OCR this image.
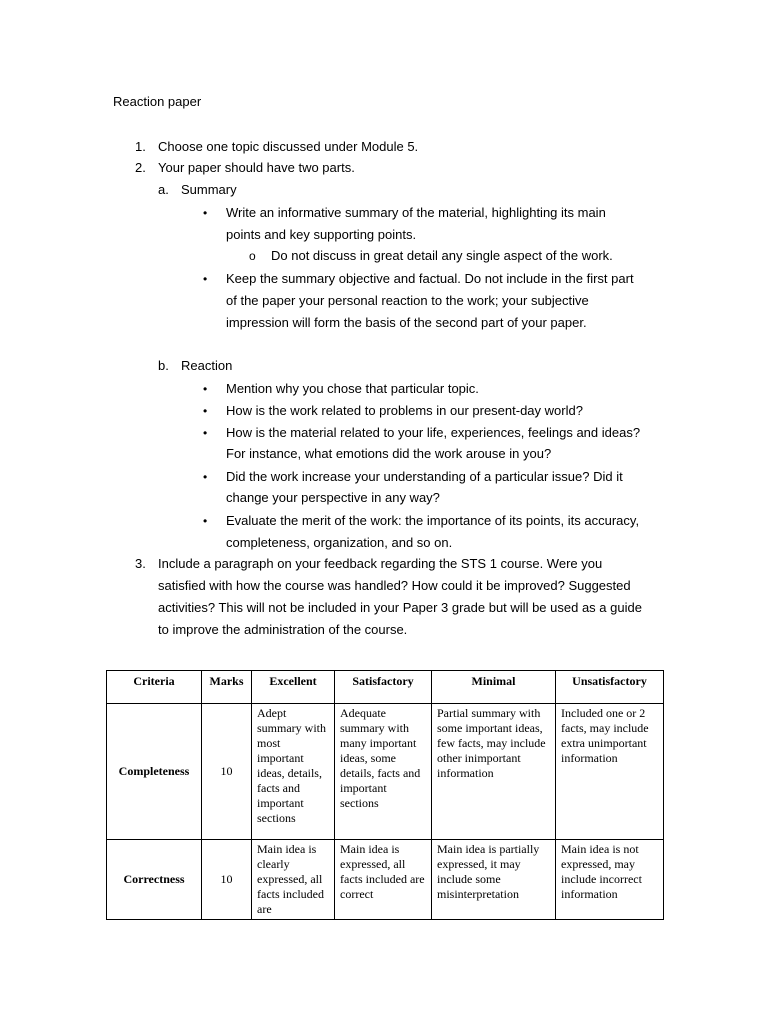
Reaction paper
1. Choose one topic discussed under Module 5.
2. Your paper should have two parts.
a. Summary
• Write an informative summary of the material, highlighting its main
points and key supporting points.
o Do not discuss in great detail any single aspect of the work.
• Keep the summary objective and factual. Do not include in the first part
of the paper your personal reaction to the work; your subjective
impression will form the basis of the second part of your paper.
b. Reaction
• Mention why you chose that particular topic.
• How is the work related to problems in our present-day world?
• How is the material related to your life, experiences, feelings and ideas?
For instance, what emotions did the work arouse in you?
• Did the work increase your understanding of a particular issue? Did it
change your perspective in any way?
• Evaluate the merit of the work: the importance of its points, its accuracy,
completeness, organization, and so on.
3. Include a paragraph on your feedback regarding the STS 1 course. Were you
satisfied with how the course was handled? How could it be improved? Suggested
activities? This will not be included in your Paper 3 grade but will be used as a guide
to improve the administration of the course.
Criteria	Marks	Excellent	Satisfactory	Minimal	Unsatisfactory
Completeness	10	Adept summary with most important ideas, details, facts and important sections	Adequate summary with many important ideas, some details, facts and important sections	Partial summary with some important ideas, few facts, may include other inimportant information	Included one or 2 facts, may include extra unimportant information
Correctness	10	Main idea is clearly expressed, all facts included are	Main idea is expressed, all facts included are correct	Main idea is partially expressed, it may include some misinterpretation	Main idea is not expressed, may include incorrect information
